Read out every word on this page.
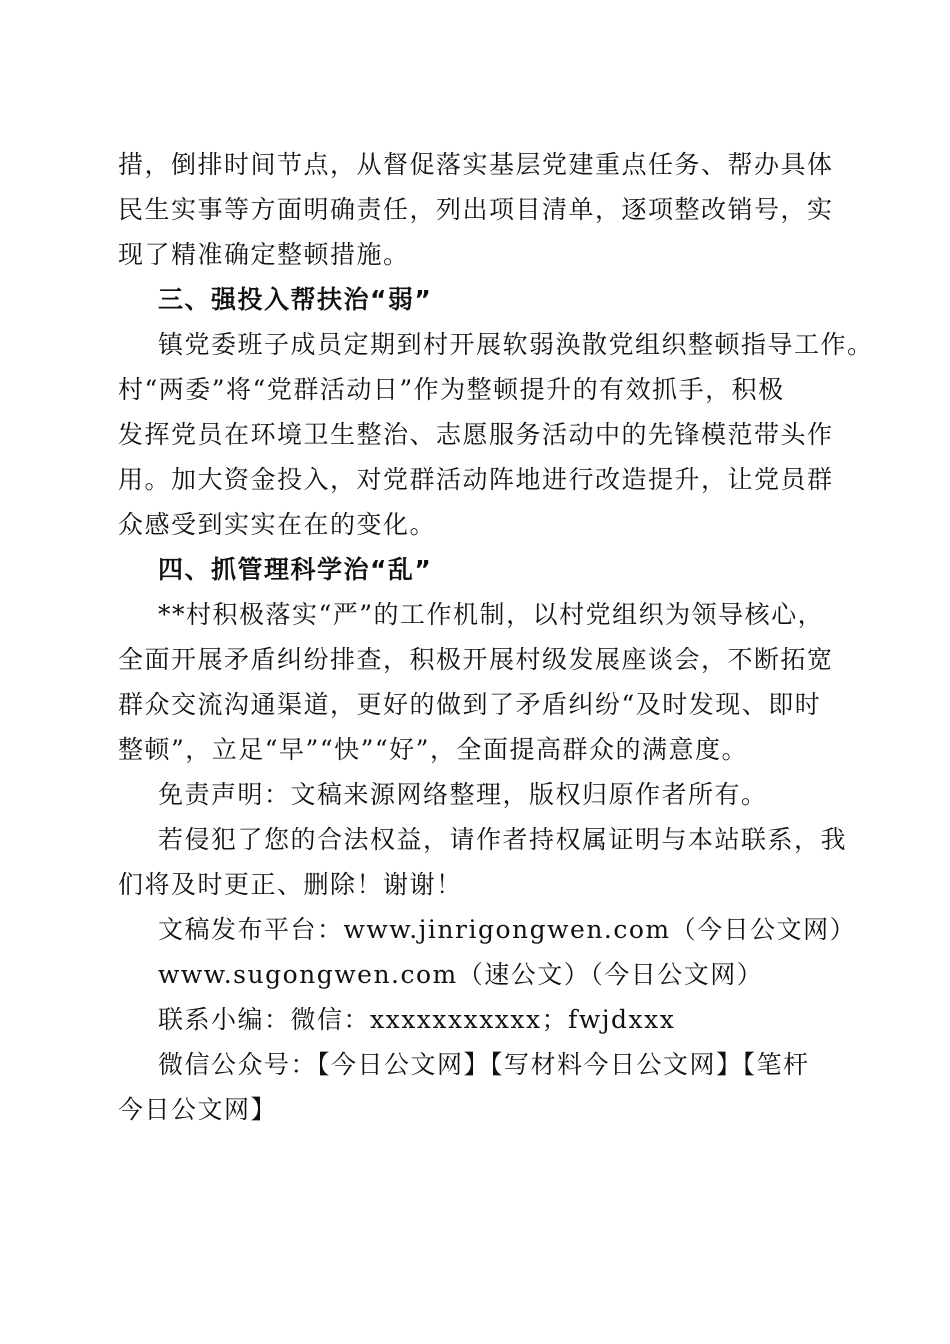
措，倒排时间节点，从督促落实基层党建重点任务、帮办具体

民生实事等方面明确责任，列出项目清单，逐项整改销号，实

现了精准确定整顿措施。

三、强投入帮扶治“弱”

镇党委班子成员定期到村开展软弱涣散党组织整顿指导工作。

村“两委”将“党群活动日”作为整顿提升的有效抓手，积极

发挥党员在环境卫生整治、志愿服务活动中的先锋模范带头作

用。加大资金投入，对党群活动阵地进行改造提升，让党员群

众感受到实实在在的变化。

四、抓管理科学治“乱”

**村积极落实“严”的工作机制，以村党组织为领导核心，

全面开展矛盾纠纷排查，积极开展村级发展座谈会，不断拓宽

群众交流沟通渠道，更好的做到了矛盾纠纷“及时发现、即时

整顿”，立足“早”“快”“好”，全面提高群众的满意度。

免责声明：文稿来源网络整理，版权归原作者所有。

若侵犯了您的合法权益，请作者持权属证明与本站联系，我

们将及时更正、删除！谢谢！

文稿发布平台：www.jinrigongwen.com（今日公文网）

www.sugongwen.com（速公文）（今日公文网）

联系小编：微信：xxxxxxxxxxx；fwjdxxx

微信公众号：【今日公文网】【写材料今日公文网】【笔杆

今日公文网】
